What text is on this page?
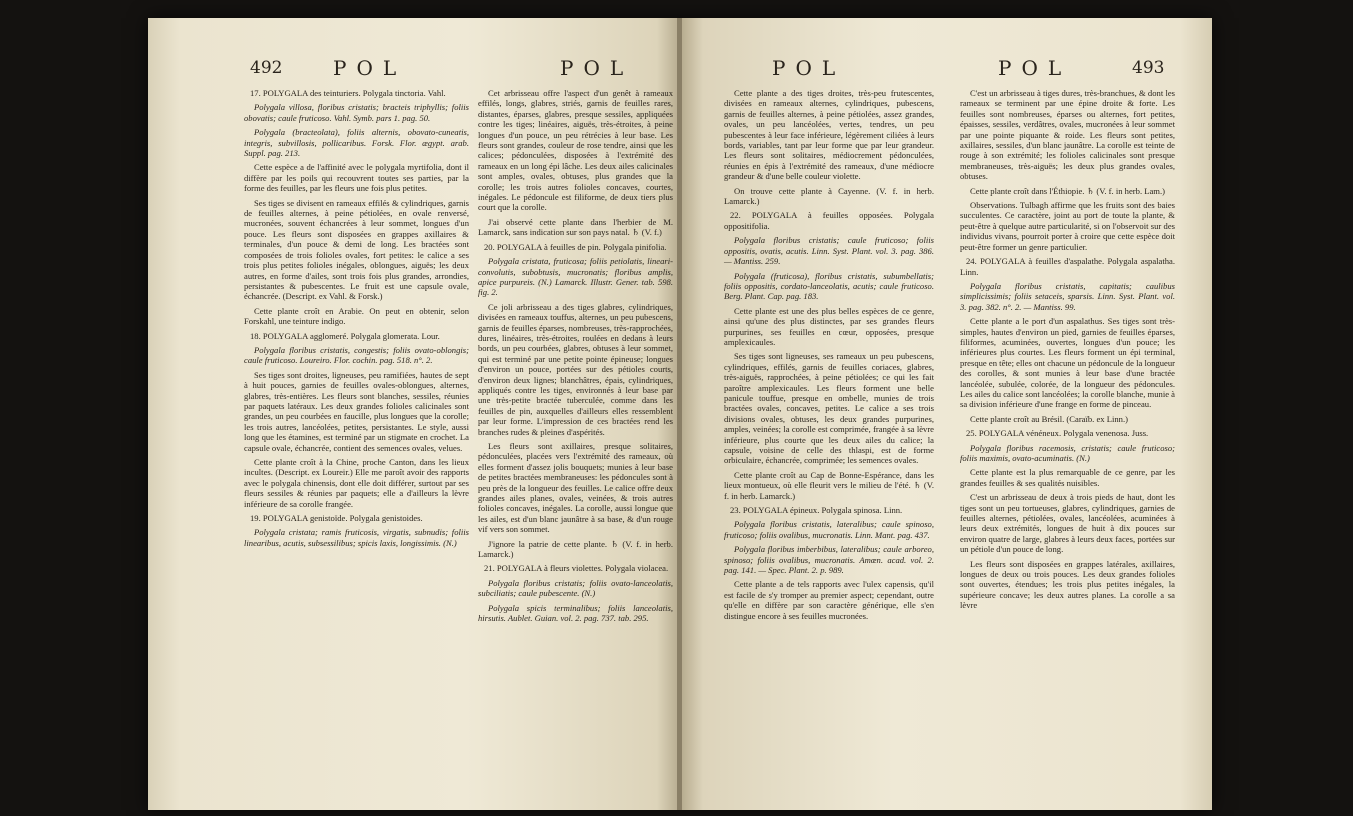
492	POL	POL

17. POLYGALA des teinturiers. Polygala tinctoria. Vahl.

Polygala villosa, floribus cristatis; bracteis triphyllis; foliis obovatis; caule fruticoso. Vahl. Symb. pars 1. pag. 50.

Polygala (bracteolata), foliis alternis, obovato-cuneatis, integris, subvillosis, pollicaribus. Forsk. Flor. ægypt. arab. Suppl. pag. 213.

Cette espèce a de l'affinité avec le polygala myrtifolia, dont il diffère par les poils qui recouvrent toutes ses parties, par la forme des feuilles, par les fleurs une fois plus petites.

Ses tiges se divisent en rameaux effilés & cylindriques, garnis de feuilles alternes, à peine pétiolées, en ovale renversé, mucronées, souvent échancrées à leur sommet, longues d'un pouce. Les fleurs sont disposées en grappes axillaires & terminales, d'un pouce & demi de long. Les bractées sont composées de trois folioles ovales, fort petites: le calice a ses trois plus petites folioles inégales, oblongues, aiguës; les deux autres, en forme d'ailes, sont trois fois plus grandes, arrondies, persistantes & pubescentes. Le fruit est une capsule ovale, échancrée. (Descript. ex Vahl. & Forsk.)

Cette plante croît en Arabie. On peut en obtenir, selon Forskahl, une teinture indigo.

18. POLYGALA agglomeré. Polygala glomerata. Lour.

Polygala floribus cristatis, congestis; foliis ovato-oblongis; caule fruticoso. Loureiro. Flor. cochin. pag. 518. n°. 2.

Ses tiges sont droites, ligneuses, peu ramifiées, hautes de sept à huit pouces, garnies de feuilles ovales-oblongues, alternes, glabres, très-entières. Les fleurs sont blanches, sessiles, réunies par paquets latéraux. Les deux grandes folioles calicinales sont grandes, un peu courbées en faucille, plus longues que la corolle; les trois autres, lancéolées, petites, persistantes. Le style, aussi long que les étamines, est terminé par un stigmate en crochet. La capsule ovale, échancrée, contient des semences ovales, velues.

Cette plante croît à la Chine, proche Canton, dans les lieux incultes. (Descript. ex Loureir.) Elle me paroît avoir des rapports avec le polygala chinensis, dont elle doit différer, surtout par ses fleurs sessiles & réunies par paquets; elle a d'ailleurs la lèvre inférieure de sa corolle frangée.

19. POLYGALA genistoïde. Polygala genistoides.

Polygala cristata; ramis fruticosis, virgatis, subnudis; foliis linearibus, acutis, subsessilibus; spicis laxis, longissimis. (N.)

Cet arbrisseau offre l'aspect d'un genêt à rameaux effilés, longs, glabres, striés, garnis de feuilles rares, distantes, éparses, glabres, presque sessiles, appliquées contre les tiges; linéaires, aiguës, très-étroites, à peine longues d'un pouce, un peu rétrécies à leur base. Les fleurs sont grandes, couleur de rose tendre, ainsi que les calices; pédonculées, disposées à l'extrémité des rameaux en un long épi lâche. Les deux ailes calicinales sont amples, ovales, obtuses, plus grandes que la corolle; les trois autres folioles concaves, courtes, inégales. Le pédoncule est filiforme, de deux tiers plus court que la corolle.

J'ai observé cette plante dans l'herbier de M. Lamarck, sans indication sur son pays natal. ♄ (V. f.)

20. POLYGALA à feuilles de pin. Polygala pinifolia.

Polygala cristata, fruticosa; foliis petiolatis, lineari-convolutis, subobtusis, mucronatis; floribus amplis, apice purpureis. (N.) Lamarck. Illustr. Gener. tab. 598. fig. 2.

Ce joli arbrisseau a des tiges glabres, cylindriques, divisées en rameaux touffus, alternes, un peu pubescens, garnis de feuilles éparses, nombreuses, très-rapprochées, dures, linéaires, très-étroites, roulées en dedans à leurs bords, un peu courbées, glabres, obtuses à leur sommet, qui est terminé par une petite pointe épineuse; longues d'environ un pouce, portées sur des pétioles courts, d'environ deux lignes; blanchâtres, épais, cylindriques, appliqués contre les tiges, environnés à leur base par une très-petite bractée tuberculée, comme dans les feuilles de pin, auxquelles d'ailleurs elles ressemblent par leur forme. L'impression de ces bractées rend les branches rudes & pleines d'aspérités.

Les fleurs sont axillaires, presque solitaires, pédonculées, placées vers l'extrémité des rameaux, où elles forment d'assez jolis bouquets; munies à leur base de petites bractées membraneuses: les pédoncules sont à peu près de la longueur des feuilles. Le calice offre deux grandes ailes planes, ovales, veinées, & trois autres folioles concaves, inégales. La corolle, aussi longue que les ailes, est d'un blanc jaunâtre à sa base, & d'un rouge vif vers son sommet.

J'ignore la patrie de cette plante. ♄ (V. f. in herb. Lamarck.)

21. POLYGALA à fleurs violettes. Polygala violacea.

Polygala floribus cristatis; foliis ovato-lanceolatis, subciliatis; caule pubescente. (N.)

Polygala spicis terminalibus; foliis lanceolatis, hirsutis. Aublet. Guian. vol. 2. pag. 737. tab. 295.

POL	POL	493

Cette plante a des tiges droites, très-peu frutescentes, divisées en rameaux alternes, cylindriques, pubescens, garnis de feuilles alternes, à peine pétiolées, assez grandes, ovales, un peu lancéolées, vertes, tendres, un peu pubescentes à leur face inférieure, légèrement ciliées à leurs bords, variables, tant par leur forme que par leur grandeur. Les fleurs sont solitaires, médiocrement pédonculées, réunies en épis à l'extrémité des rameaux, d'une médiocre grandeur & d'une belle couleur violette.

On trouve cette plante à Cayenne. (V. f. in herb. Lamarck.)

22. POLYGALA à feuilles opposées. Polygala oppositifolia.

Polygala floribus cristatis; caule fruticoso; foliis oppositis, ovatis, acutis. Linn. Syst. Plant. vol. 3. pag. 386. — Mantiss. 259.

Polygala (fruticosa), floribus cristatis, subumbellatis; foliis oppositis, cordato-lanceolatis, acutis; caule fruticoso. Berg. Plant. Cap. pag. 183.

Cette plante est une des plus belles espèces de ce genre, ainsi qu'une des plus distinctes, par ses grandes fleurs purpurines, ses feuilles en cœur, opposées, presque amplexicaules.

Ses tiges sont ligneuses, ses rameaux un peu pubescens, cylindriques, effilés, garnis de feuilles coriaces, glabres, très-aiguës, rapprochées, à peine pétiolées; ce qui les fait paroître amplexicaules. Les fleurs forment une belle panicule touffue, presque en ombelle, munies de trois bractées ovales, concaves, petites. Le calice a ses trois divisions ovales, obtuses, les deux grandes purpurines, amples, veinées; la corolle est comprimée, frangée à sa lèvre inférieure, plus courte que les deux ailes du calice; la capsule, voisine de celle des thlaspi, est de forme orbiculaire, échancrée, comprimée; les semences ovales.

Cette plante croît au Cap de Bonne-Espérance, dans les lieux montueux, où elle fleurit vers le milieu de l'été. ♄ (V. f. in herb. Lamarck.)

23. POLYGALA épineux. Polygala spinosa. Linn.

Polygala floribus cristatis, lateralibus; caule spinoso, fruticoso; foliis ovalibus, mucronatis. Linn. Mant. pag. 437.

Polygala floribus imberbibus, lateralibus; caule arboreo, spinoso; foliis ovalibus, mucronatis. Amœn. acad. vol. 2. pag. 141. — Spec. Plant. 2. p. 989.

Cette plante a de tels rapports avec l'ulex capensis, qu'il est facile de s'y tromper au premier aspect; cependant, outre qu'elle en diffère par son caractère générique, elle s'en distingue encore à ses feuilles mucronées.

C'est un arbrisseau à tiges dures, très-branchues, & dont les rameaux se terminent par une épine droite & forte. Les feuilles sont nombreuses, éparses ou alternes, fort petites, épaisses, sessiles, verdâtres, ovales, mucronées à leur sommet par une pointe piquante & roide. Les fleurs sont petites, axillaires, sessiles, d'un blanc jaunâtre. La corolle est teinte de rouge à son extrémité; les folioles calicinales sont presque membraneuses, très-aiguës; les deux plus grandes ovales, obtuses.

Cette plante croît dans l'Éthiopie. ♄ (V. f. in herb. Lam.)

Observations. Tulbagh affirme que les fruits sont des baies succulentes. Ce caractère, joint au port de toute la plante, & peut-être à quelque autre particularité, si on l'observoit sur des individus vivans, pourroit porter à croire que cette espèce doit peut-être former un genre particulier.

24. POLYGALA à feuilles d'aspalathe. Polygala aspalatha. Linn.

Polygala floribus cristatis, capitatis; caulibus simplicissimis; foliis setaceis, sparsis. Linn. Syst. Plant. vol. 3. pag. 382. n°. 2. — Mantiss. 99.

Cette plante a le port d'un aspalathus. Ses tiges sont très-simples, hautes d'environ un pied, garnies de feuilles éparses, filiformes, acuminées, ouvertes, longues d'un pouce; les inférieures plus courtes. Les fleurs forment un épi terminal, presque en tête; elles ont chacune un pédoncule de la longueur des corolles, & sont munies à leur base d'une bractée lancéolée, subulée, colorée, de la longueur des pédoncules. Les ailes du calice sont lancéolées; la corolle blanche, munie à sa division inférieure d'une frange en forme de pinceau.

Cette plante croît au Brésil. (Caraïb. ex Linn.)

25. POLYGALA vénéneux. Polygala venenosa. Juss.

Polygala floribus racemosis, cristatis; caule fruticoso; foliis maximis, ovato-acuminatis. (N.)

Cette plante est la plus remarquable de ce genre, par les grandes feuilles & ses qualités nuisibles.

C'est un arbrisseau de deux à trois pieds de haut, dont les tiges sont un peu tortueuses, glabres, cylindriques, garnies de feuilles alternes, pétiolées, ovales, lancéolées, acuminées à leurs deux extrémités, longues de huit à dix pouces sur environ quatre de large, glabres à leurs deux faces, portées sur un pétiole d'un pouce de long.

Les fleurs sont disposées en grappes latérales, axillaires, longues de deux ou trois pouces. Les deux grandes folioles sont ouvertes, étendues; les trois plus petites inégales, la supérieure concave; les deux autres planes. La corolle a sa lèvre
